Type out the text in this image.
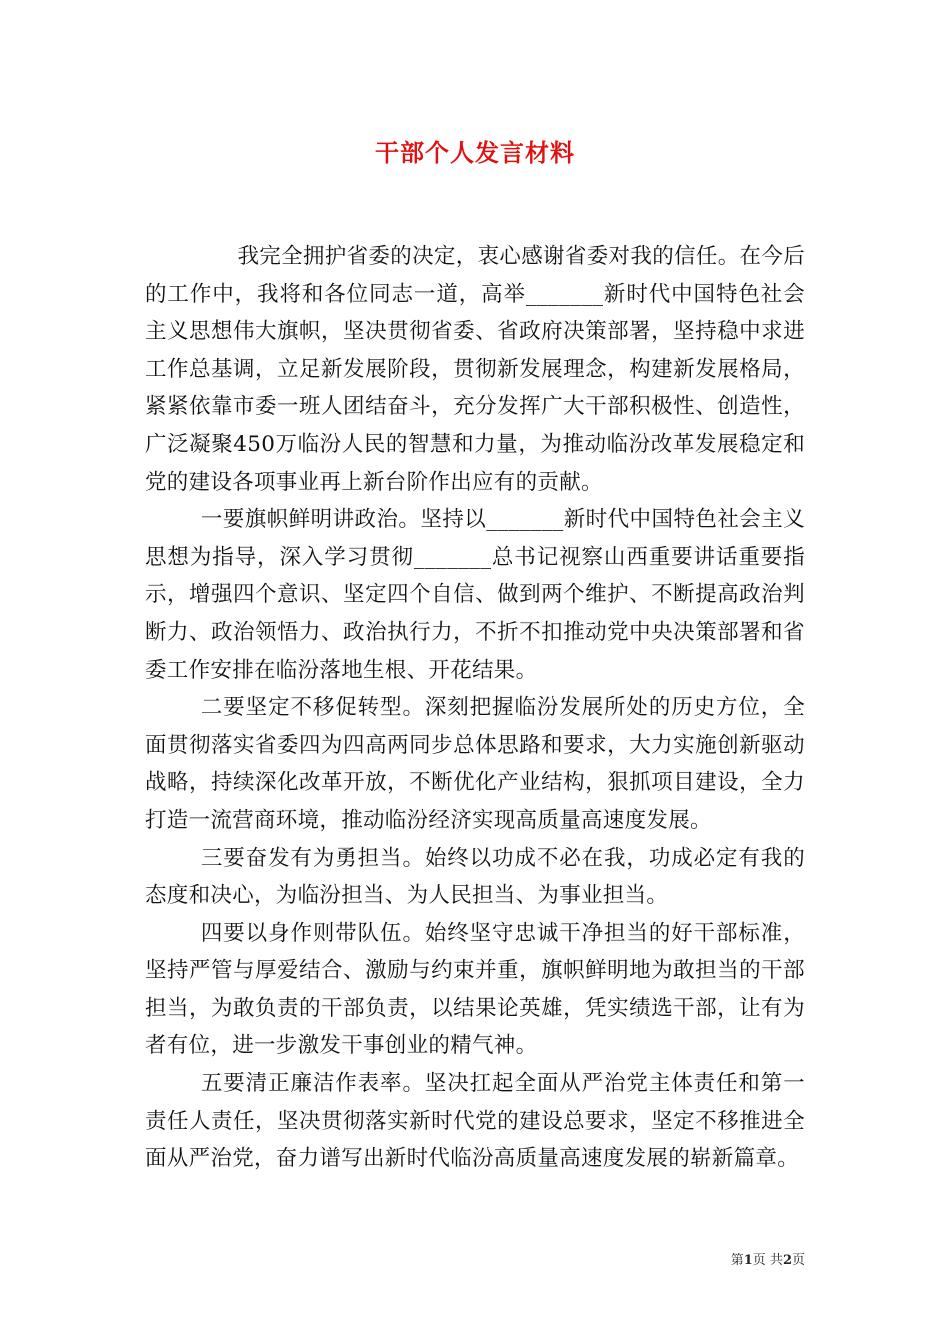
干部个人发言材料

我完全拥护省委的决定，衷心感谢省委对我的信任。在今后的工作中，我将和各位同志一道，高举_______新时代中国特色社会主义思想伟大旗帜，坚决贯彻省委、省政府决策部署，坚持稳中求进工作总基调，立足新发展阶段，贯彻新发展理念，构建新发展格局，紧紧依靠市委一班人团结奋斗，充分发挥广大干部积极性、创造性，广泛凝聚450万临汾人民的智慧和力量，为推动临汾改革发展稳定和党的建设各项事业再上新台阶作出应有的贡献。

一要旗帜鲜明讲政治。坚持以_______新时代中国特色社会主义思想为指导，深入学习贯彻_______总书记视察山西重要讲话重要指示，增强四个意识、坚定四个自信、做到两个维护、不断提高政治判断力、政治领悟力、政治执行力，不折不扣推动党中央决策部署和省委工作安排在临汾落地生根、开花结果。

二要坚定不移促转型。深刻把握临汾发展所处的历史方位，全面贯彻落实省委四为四高两同步总体思路和要求，大力实施创新驱动战略，持续深化改革开放，不断优化产业结构，狠抓项目建设，全力打造一流营商环境，推动临汾经济实现高质量高速度发展。

三要奋发有为勇担当。始终以功成不必在我，功成必定有我的态度和决心，为临汾担当、为人民担当、为事业担当。

四要以身作则带队伍。始终坚守忠诚干净担当的好干部标准，坚持严管与厚爱结合、激励与约束并重，旗帜鲜明地为敢担当的干部担当，为敢负责的干部负责，以结果论英雄，凭实绩选干部，让有为者有位，进一步激发干事创业的精气神。

五要清正廉洁作表率。坚决扛起全面从严治党主体责任和第一责任人责任，坚决贯彻落实新时代党的建设总要求，坚定不移推进全面从严治党，奋力谱写出新时代临汾高质量高速度发展的崭新篇章。

第1页 共2页
